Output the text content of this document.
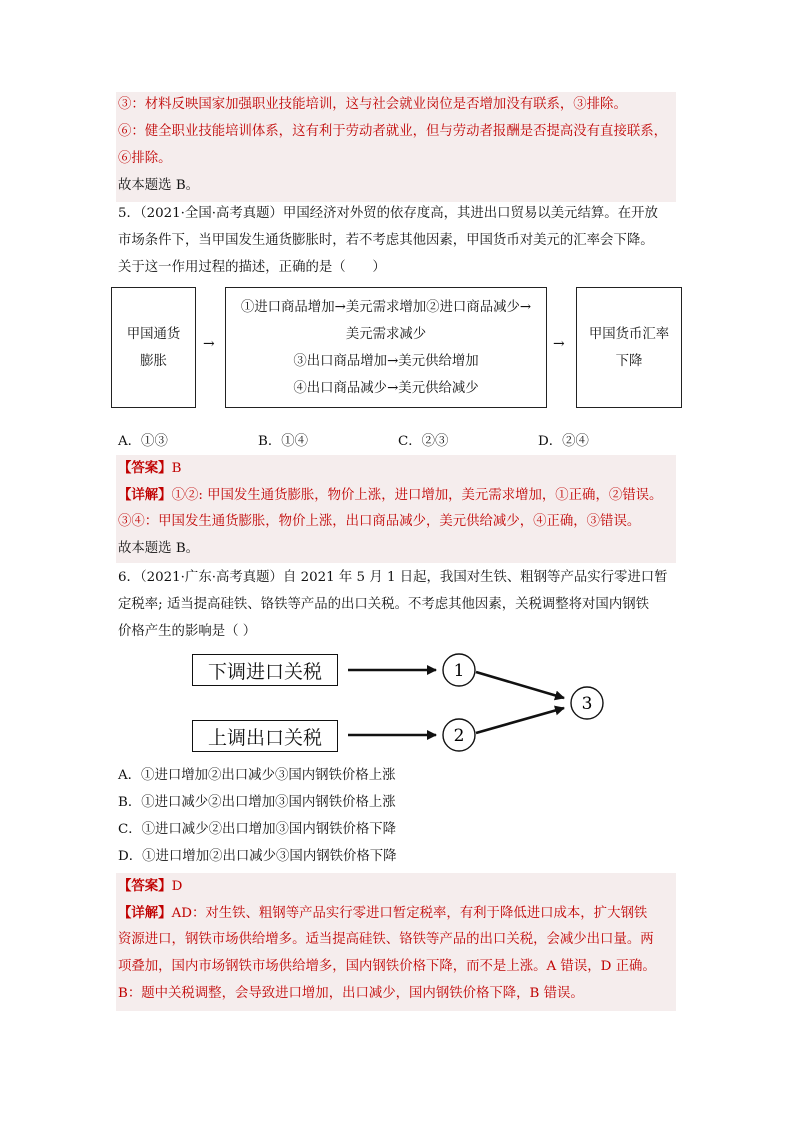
③：材料反映国家加强职业技能培训，这与社会就业岗位是否增加没有联系，③排除。
⑥：健全职业技能培训体系，这有利于劳动者就业，但与劳动者报酬是否提高没有直接联系，
⑥排除。
故本题选 B。
5．（2021·全国·高考真题）甲国经济对外贸的依存度高，其进出口贸易以美元结算。在开放
市场条件下，当甲国发生通货膨胀时，若不考虑其他因素，甲国货币对美元的汇率会下降。
关于这一作用过程的描述，正确的是（　　）
甲国通货
膨胀
→
①进口商品增加→美元需求增加②进口商品减少→
美元需求减少
③出口商品增加→美元供给增加
④出口商品减少→美元供给减少
→
甲国货币汇率
下降
A．①③	B．①④	C．②③	D．②④
【答案】B
【详解】①②: 甲国发生通货膨胀，物价上涨，进口增加，美元需求增加，①正确，②错误。
③④：甲国发生通货膨胀，物价上涨，出口商品减少，美元供给减少，④正确，③错误。
故本题选 B。
6．（2021·广东·高考真题）自 2021 年 5 月 1 日起，我国对生铁、粗钢等产品实行零进口暂
定税率; 适当提高硅铁、铬铁等产品的出口关税。不考虑其他因素，关税调整将对国内钢铁
价格产生的影响是（ ）
下调进口关税
上调出口关税
1
2
3
A．①进口增加②出口减少③国内钢铁价格上涨
B．①进口减少②出口增加③国内钢铁价格上涨
C．①进口减少②出口增加③国内钢铁价格下降
D．①进口增加②出口减少③国内钢铁价格下降
【答案】D
【详解】AD：对生铁、粗钢等产品实行零进口暂定税率，有利于降低进口成本，扩大钢铁
资源进口，钢铁市场供给增多。适当提高硅铁、铬铁等产品的出口关税，会减少出口量。两
项叠加，国内市场钢铁市场供给增多，国内钢铁价格下降，而不是上涨。A 错误，D 正确。
B：题中关税调整，会导致进口增加，出口减少，国内钢铁价格下降，B 错误。
